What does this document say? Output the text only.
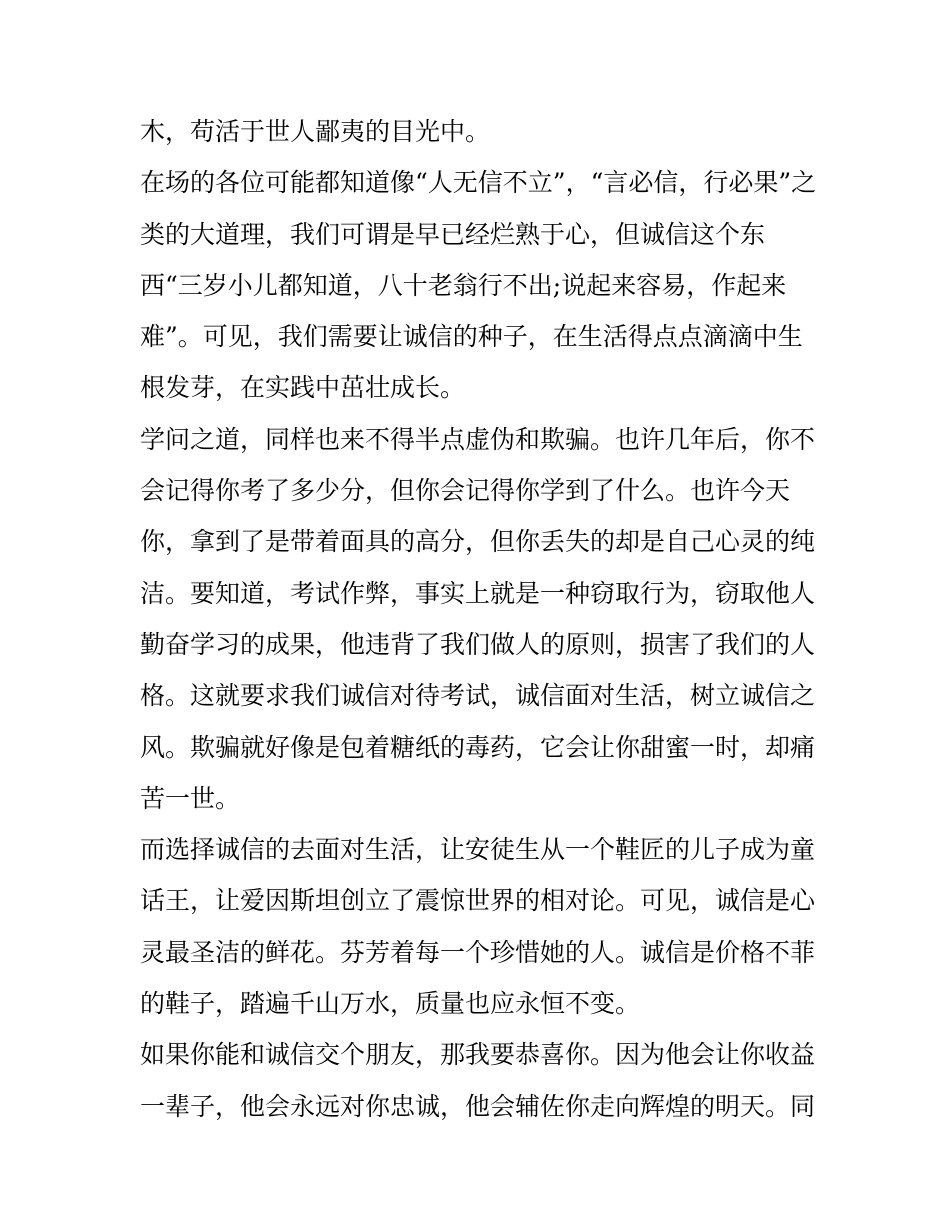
木，苟活于世人鄙夷的目光中。
在场的各位可能都知道像“人无信不立”，“言必信，行必果”之
类的大道理，我们可谓是早已经烂熟于心，但诚信这个东
西“三岁小儿都知道，八十老翁行不出;说起来容易，作起来
难”。可见，我们需要让诚信的种子，在生活得点点滴滴中生
根发芽，在实践中茁壮成长。
学问之道，同样也来不得半点虚伪和欺骗。也许几年后，你不
会记得你考了多少分，但你会记得你学到了什么。也许今天
你，拿到了是带着面具的高分，但你丢失的却是自己心灵的纯
洁。要知道，考试作弊，事实上就是一种窃取行为，窃取他人
勤奋学习的成果，他违背了我们做人的原则，损害了我们的人
格。这就要求我们诚信对待考试，诚信面对生活，树立诚信之
风。欺骗就好像是包着糖纸的毒药，它会让你甜蜜一时，却痛
苦一世。
而选择诚信的去面对生活，让安徒生从一个鞋匠的儿子成为童
话王，让爱因斯坦创立了震惊世界的相对论。可见，诚信是心
灵最圣洁的鲜花。芬芳着每一个珍惜她的人。诚信是价格不菲
的鞋子，踏遍千山万水，质量也应永恒不变。
如果你能和诚信交个朋友，那我要恭喜你。因为他会让你收益
一辈子，他会永远对你忠诚，他会辅佐你走向辉煌的明天。同
